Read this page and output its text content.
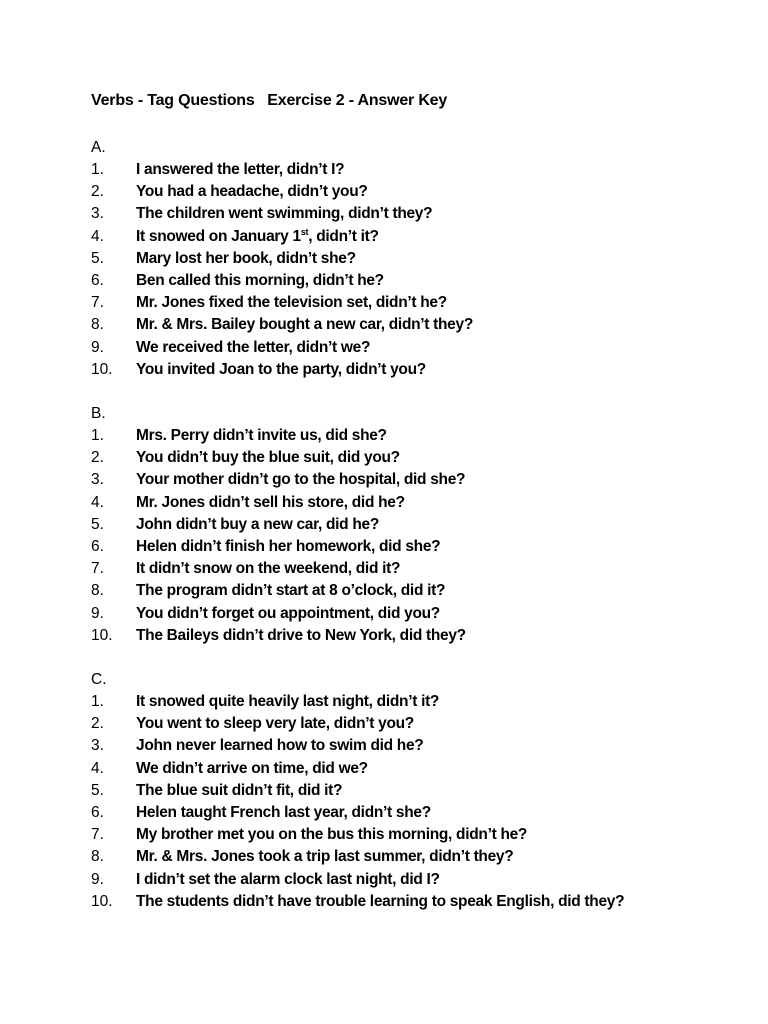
Verbs - Tag Questions   Exercise 2 - Answer Key
A.
1.	I answered the letter, didn’t I?
2.	You had a headache, didn’t you?
3.	The children went swimming, didn’t they?
4.	It snowed on January 1st, didn’t it?
5.	Mary lost her book, didn’t she?
6.	Ben called this morning, didn’t he?
7.	Mr. Jones fixed the television set, didn’t he?
8.	Mr. & Mrs. Bailey bought a new car, didn’t they?
9.	We received the letter, didn’t we?
10.	You invited Joan to the party, didn’t you?
B.
1.	Mrs. Perry didn’t invite us, did she?
2.	You didn’t buy the blue suit, did you?
3.	Your mother didn’t go to the hospital, did she?
4.	Mr. Jones didn’t sell his store, did he?
5.	John didn’t buy a new car, did he?
6.	Helen didn’t finish her homework, did she?
7.	It didn’t snow on the weekend, did it?
8.	The program didn’t start at 8 o’clock, did it?
9.	You didn’t forget ou appointment, did you?
10.	The Baileys didn’t drive to New York, did they?
C.
1.	It snowed quite heavily last night, didn’t it?
2.	You went to sleep very late, didn’t you?
3.	John never learned how to swim did he?
4.	We didn’t arrive on time, did we?
5.	The blue suit didn’t fit, did it?
6.	Helen taught French last year, didn’t she?
7.	My brother met you on the bus this morning, didn’t he?
8.	Mr. & Mrs. Jones took a trip last summer, didn’t they?
9.	I didn’t set the alarm clock last night, did I?
10.	The students didn’t have trouble learning to speak English, did they?
